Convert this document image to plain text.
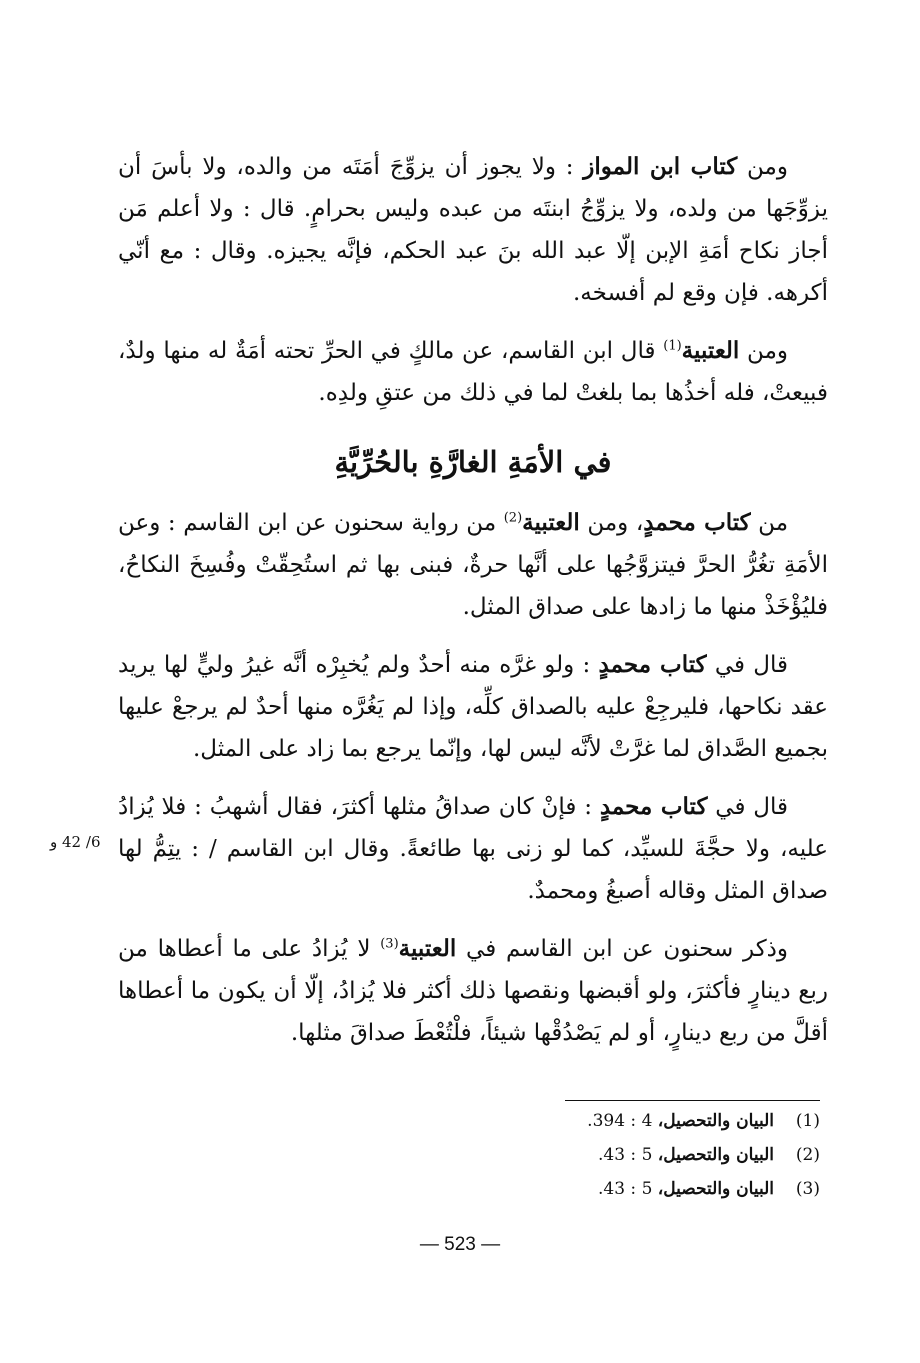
ومن كتاب ابن المواز : ولا يجوز أن يزوِّجَ أمَتَه من والده، ولا بأسَ أن يزوِّجَها من ولده، ولا يزوِّجُ ابنتَه من عبده وليس بحرامٍ. قال : ولا أعلم مَن أجاز نكاح أمَةِ الإبن إلّا عبد الله بنَ عبد الحكم، فإنَّه يجيزه. وقال : مع أنّي أكرهه. فإن وقع لم أفسخه.

ومن العتبية$^{(1)}$ قال ابن القاسم، عن مالكٍ في الحرِّ تحته أمَةٌ له منها ولدٌ، فبيعتْ، فله أخذُها بما بلغتْ لما في ذلك من عتقِ ولدِه.

في الأمَةِ الغارَّةِ بالحُرِّيَّةِ

من كتاب محمدٍ، ومن العتبية$^{(2)}$ من رواية سحنون عن ابن القاسم : وعن الأمَةِ تغُرُّ الحرَّ فيتزوَّجُها على أنَّها حرةٌ، فبنى بها ثم استُحِقّتْ وفُسِخَ النكاحُ، فليُؤْخَذْ منها ما زادها على صداق المثل.

قال في كتاب محمدٍ : ولو غرَّه منه أحدٌ ولم يُخبِرْه أنَّه غيرُ وليٍّ لها يريد عقد نكاحها، فليرجِعْ عليه بالصداق كلِّه، وإذا لم يَغُرَّه منها أحدٌ لم يرجعْ عليها بجميع الصَّداق لما غرَّتْ لأنَّه ليس لها، وإنّما يرجع بما زاد على المثل.

قال في كتاب محمدٍ : فإنْ كان صداقُ مثلها أكثرَ، فقال أشهبُ : فلا يُزادُ عليه، ولا حجَّةَ للسيِّد، كما لو زنى بها طائعةً. وقال ابن القاسم / : يتِمُّ لها صداق المثل وقاله أصبغُ ومحمدٌ.

وذكر سحنون عن ابن القاسم في العتبية$^{(3)}$ لا يُزادُ على ما أعطاها من ربع دينارٍ فأكثرَ، ولو أقبضها ونقصها ذلك أكثر فلا يُزادُ، إلّا أن يكون ما أعطاها أقلَّ من ربع دينارٍ، أو لم يَصْدُقْها شيئاً، فلْتُعْطَ صداقَ مثلها.

6/ 42 و
(1)البيان والتحصيل، 4 : 394.
(2)البيان والتحصيل، 5 : 43.
(3)البيان والتحصيل، 5 : 43.
— 523 —
